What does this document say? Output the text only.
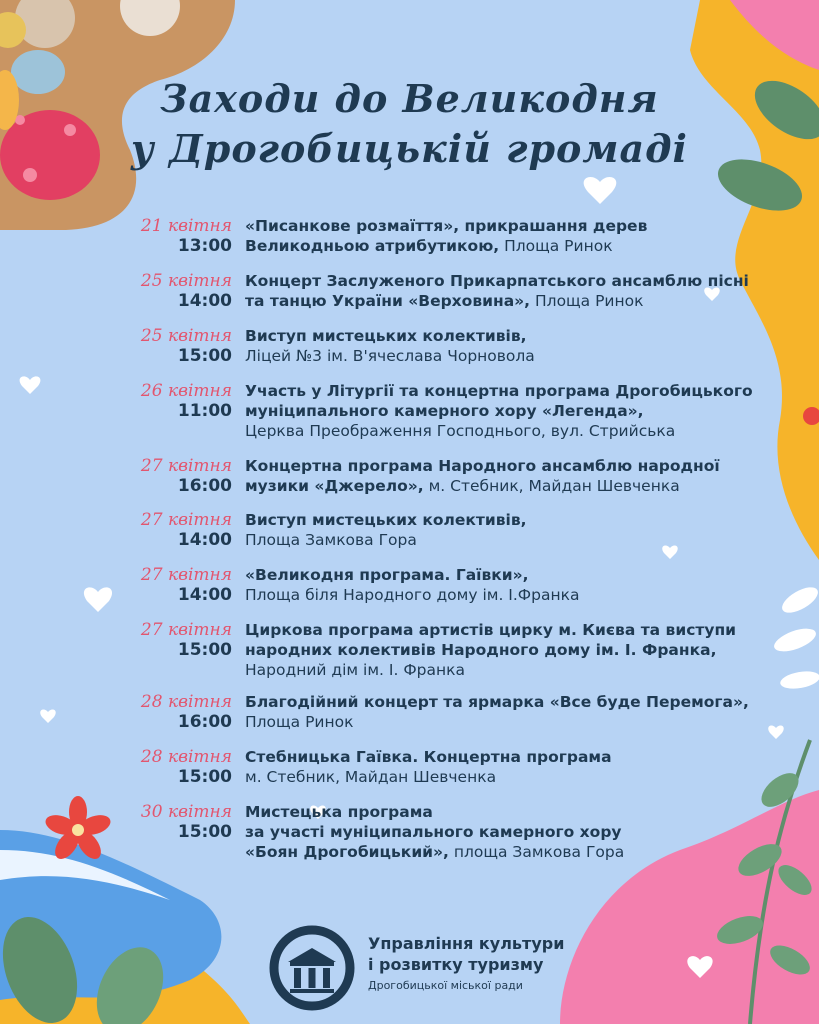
Заходи до Великодня
у Дрогобицькій громаді
21 квітня
13:00
«Писанкове розмаїття», прикрашання дерев
Великодньою атрибутикою, Площа Ринок
25 квітня
14:00
Концерт Заслуженого Прикарпатського ансамблю пісні
та танцю України «Верховина», Площа Ринок
25 квітня
15:00
Виступ мистецьких колективів,
Ліцей №3 ім. В'ячеслава Чорновола
26 квітня
11:00
Участь у Літургії та концертна програма Дрогобицького
муніципального камерного хору «Легенда»,
Церква Преображення Господнього, вул. Стрийська
27 квітня
16:00
Концертна програма Народного ансамблю народної
музики «Джерело», м. Стебник, Майдан Шевченка
27 квітня
14:00
Виступ мистецьких колективів,
Площа Замкова Гора
27 квітня
14:00
«Великодня програма. Гаївки»,
Площа біля Народного дому ім. І.Франка
27 квітня
15:00
Циркова програма артистів цирку м. Києва та виступи
народних колективів Народного дому ім. І. Франка,
Народний дім ім. І. Франка
28 квітня
16:00
Благодійний концерт та ярмарка «Все буде Перемога»,
Площа Ринок
28 квітня
15:00
Стебницька Гаївка. Концертна програма
м. Стебник, Майдан Шевченка
30 квітня
15:00
Мистецька програма
за участі муніципального камерного хору
«Боян Дрогобицький», площа Замкова Гора
Управління культури
і розвитку туризму
Дрогобицької міської ради
